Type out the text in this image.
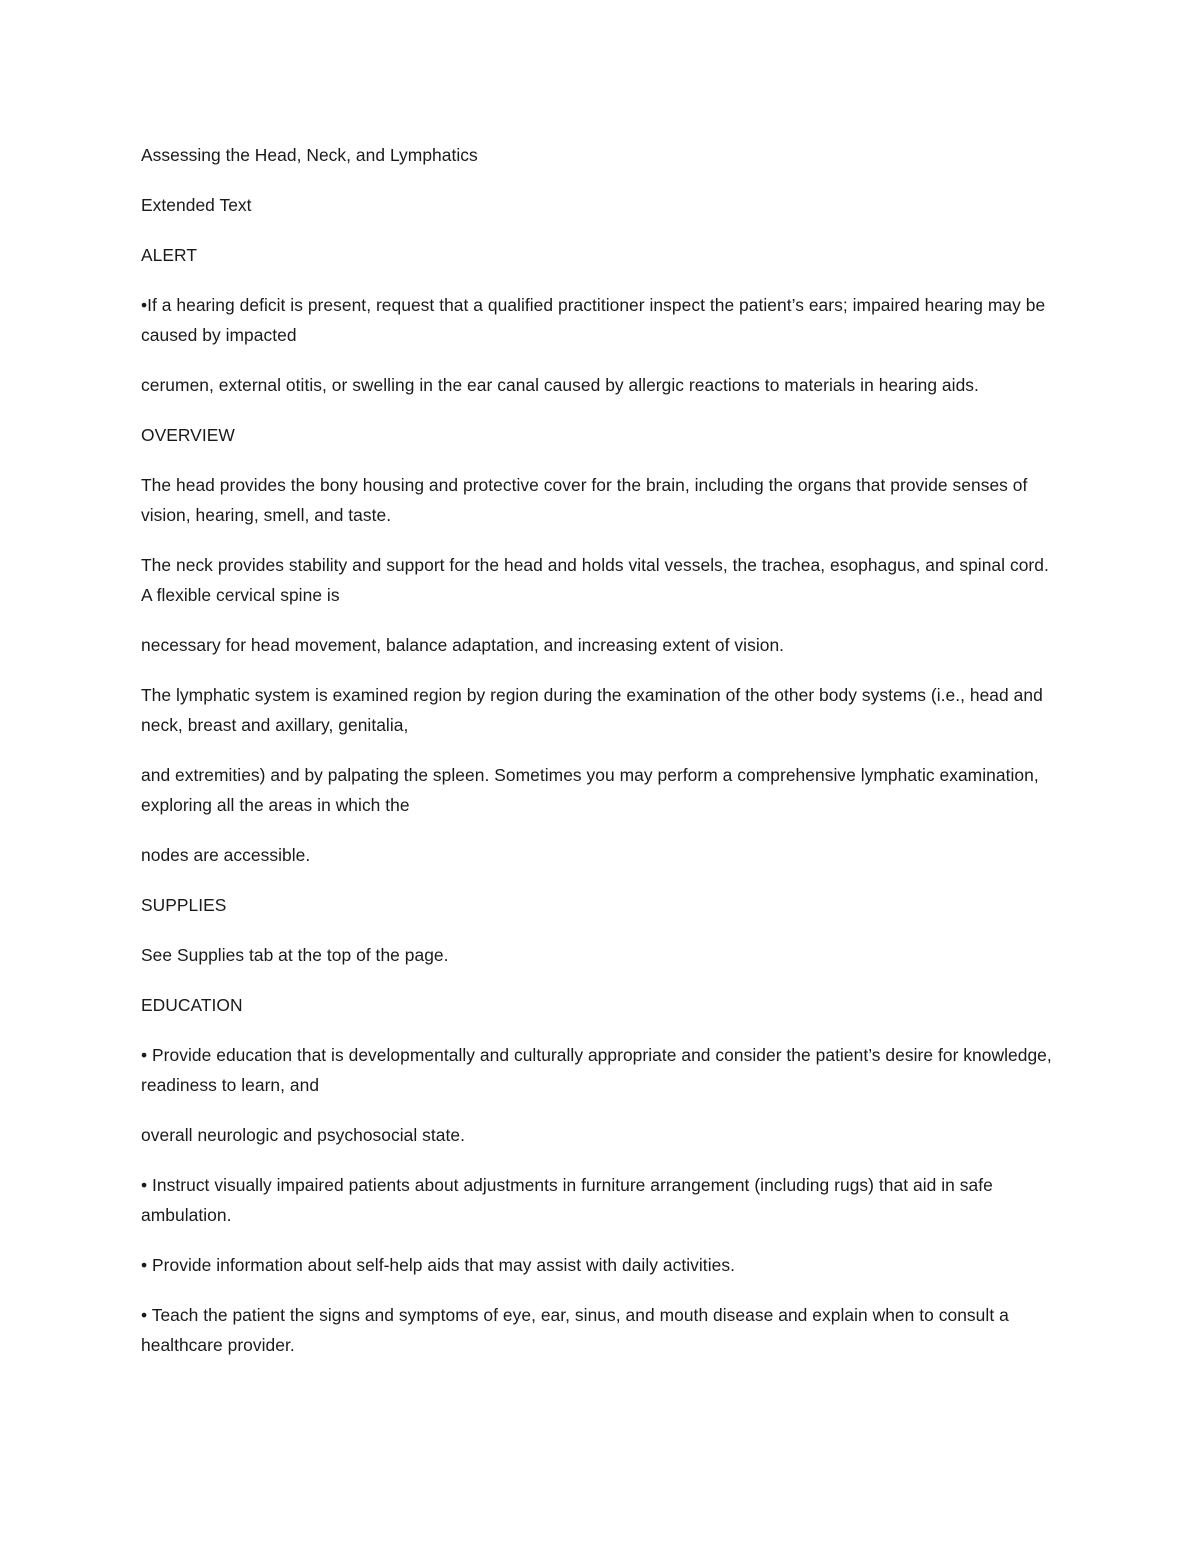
Assessing the Head, Neck, and Lymphatics

Extended Text

ALERT

•If a hearing deficit is present, request that a qualified practitioner inspect the patient’s ears; impaired hearing may be caused by impacted

cerumen, external otitis, or swelling in the ear canal caused by allergic reactions to materials in hearing aids.

OVERVIEW

The head provides the bony housing and protective cover for the brain, including the organs that provide senses of vision, hearing, smell, and taste.

The neck provides stability and support for the head and holds vital vessels, the trachea, esophagus, and spinal cord. A flexible cervical spine is

necessary for head movement, balance adaptation, and increasing extent of vision.

The lymphatic system is examined region by region during the examination of the other body systems (i.e., head and neck, breast and axillary, genitalia,

and extremities) and by palpating the spleen. Sometimes you may perform a comprehensive lymphatic examination, exploring all the areas in which the

nodes are accessible.

SUPPLIES

See Supplies tab at the top of the page.

EDUCATION

• Provide education that is developmentally and culturally appropriate and consider the patient’s desire for knowledge, readiness to learn, and

overall neurologic and psychosocial state.

• Instruct visually impaired patients about adjustments in furniture arrangement (including rugs) that aid in safe ambulation.

• Provide information about self-help aids that may assist with daily activities.

• Teach the patient the signs and symptoms of eye, ear, sinus, and mouth disease and explain when to consult a healthcare provider.
